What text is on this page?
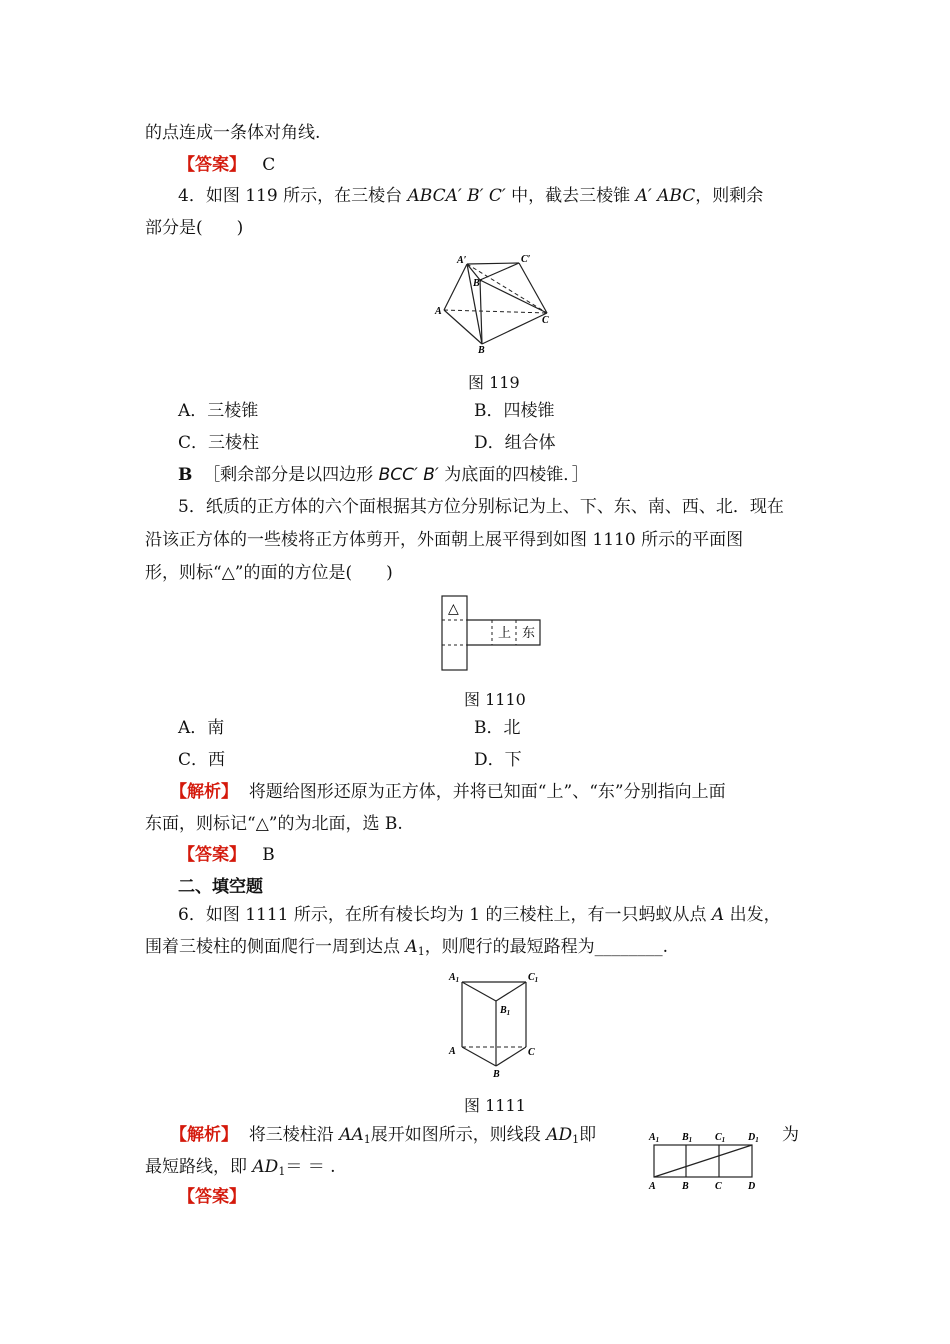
的点连成一条体对角线.
【答案】 C
4．如图 119 所示，在三棱台 ABCA′ B′ C′ 中，截去三棱锥 A′ ABC，则剩余
部分是(　　)
A′	C′
B′
A
B
C
图 119
A．三棱锥	B．四棱锥
C．三棱柱	D．组合体
B ［剩余部分是以四边形 BCC′ B′ 为底面的四棱锥．］
5．纸质的正方体的六个面根据其方位分别标记为上、下、东、南、西、北．现在
沿该正方体的一些棱将正方体剪开，外面朝上展平得到如图 1110 所示的平面图
形，则标“△”的面的方位是(　　)
△
上 东
图 1110
A．南	B．北
C．西	D．下
【解析】 将题给图形还原为正方体，并将已知面“上”、“东”分别指向上面
东面，则标记“△”的为北面，选 B.
【答案】 B
二、填空题
6．如图 1111 所示，在所有棱长均为 1 的三棱柱上，有一只蚂蚁从点 A 出发，
围着三棱柱的侧面爬行一周到达点 $A_1$，则爬行的最短路程为________.
$A_1$	$C_1$
$B_1$
A	C
B
图 1111
【解析】 将三棱柱沿 $AA_1$展开如图所示，则线段 $AD_1$即	为
最短路线，即 $AD_1=$ ＝ .
$A_1$ $B_1$ $C_1$ $D_1$
A	B	C	D
【答案】
